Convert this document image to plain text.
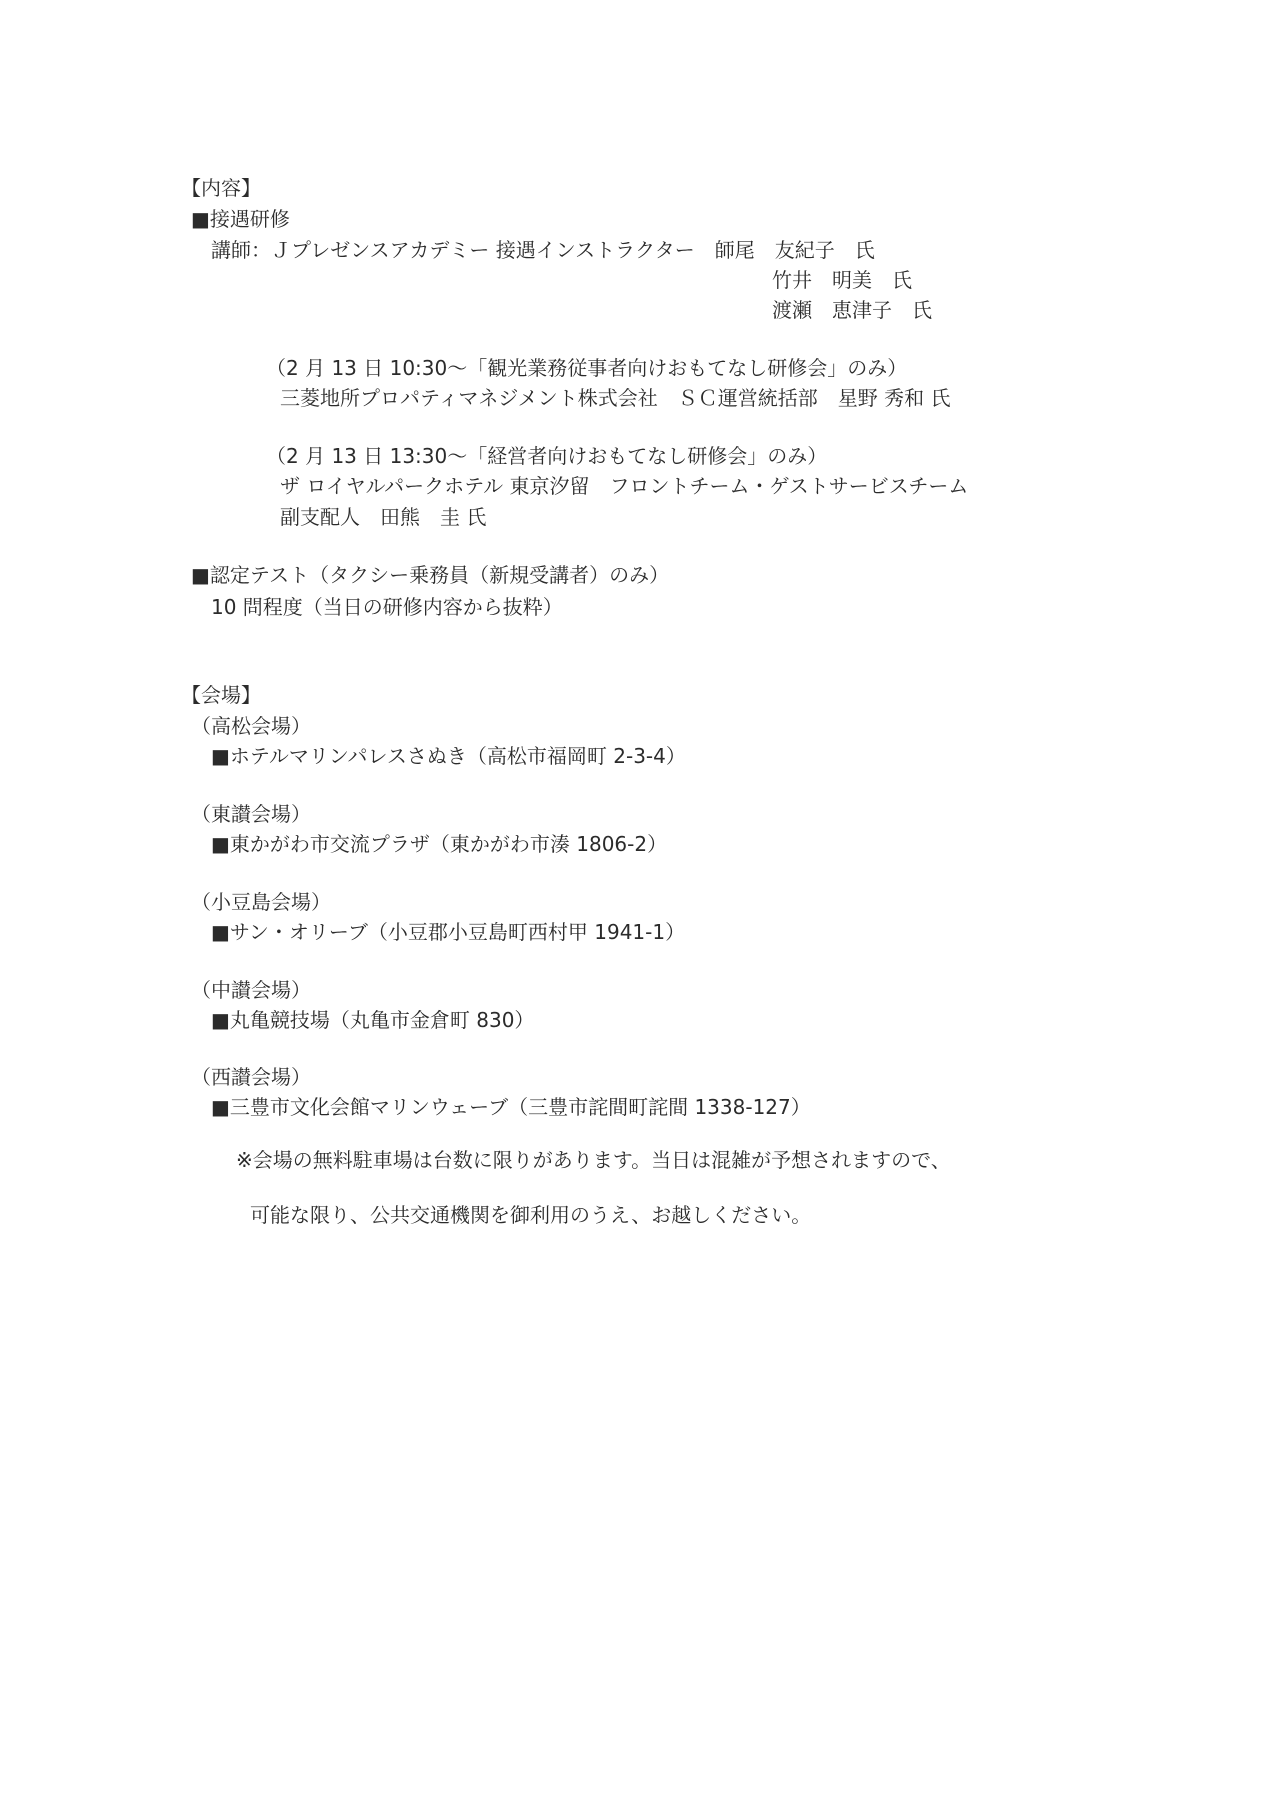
【内容】
■接遇研修
講師：Ｊプレゼンスアカデミー 接遇インストラクター　師尾　友紀子　氏
竹井　明美　氏
渡瀬　恵津子　氏
（2 月 13 日 10:30～「観光業務従事者向けおもてなし研修会」のみ）
三菱地所プロパティマネジメント株式会社　ＳＣ運営統括部　星野 秀和 氏
（2 月 13 日 13:30～「経営者向けおもてなし研修会」のみ）
ザ ロイヤルパークホテル 東京汐留　フロントチーム・ゲストサービスチーム
副支配人　田熊　圭 氏
■認定テスト（タクシー乗務員（新規受講者）のみ）
10 問程度（当日の研修内容から抜粋）
【会場】
（高松会場）
■ホテルマリンパレスさぬき（高松市福岡町 2-3-4）
（東讃会場）
■東かがわ市交流プラザ（東かがわ市湊 1806-2）
（小豆島会場）
■サン・オリーブ（小豆郡小豆島町西村甲 1941-1）
（中讃会場）
■丸亀競技場（丸亀市金倉町 830）
（西讃会場）
■三豊市文化会館マリンウェーブ（三豊市詫間町詫間 1338-127）
※会場の無料駐車場は台数に限りがあります。当日は混雑が予想されますので、
可能な限り、公共交通機関を御利用のうえ、お越しください。
